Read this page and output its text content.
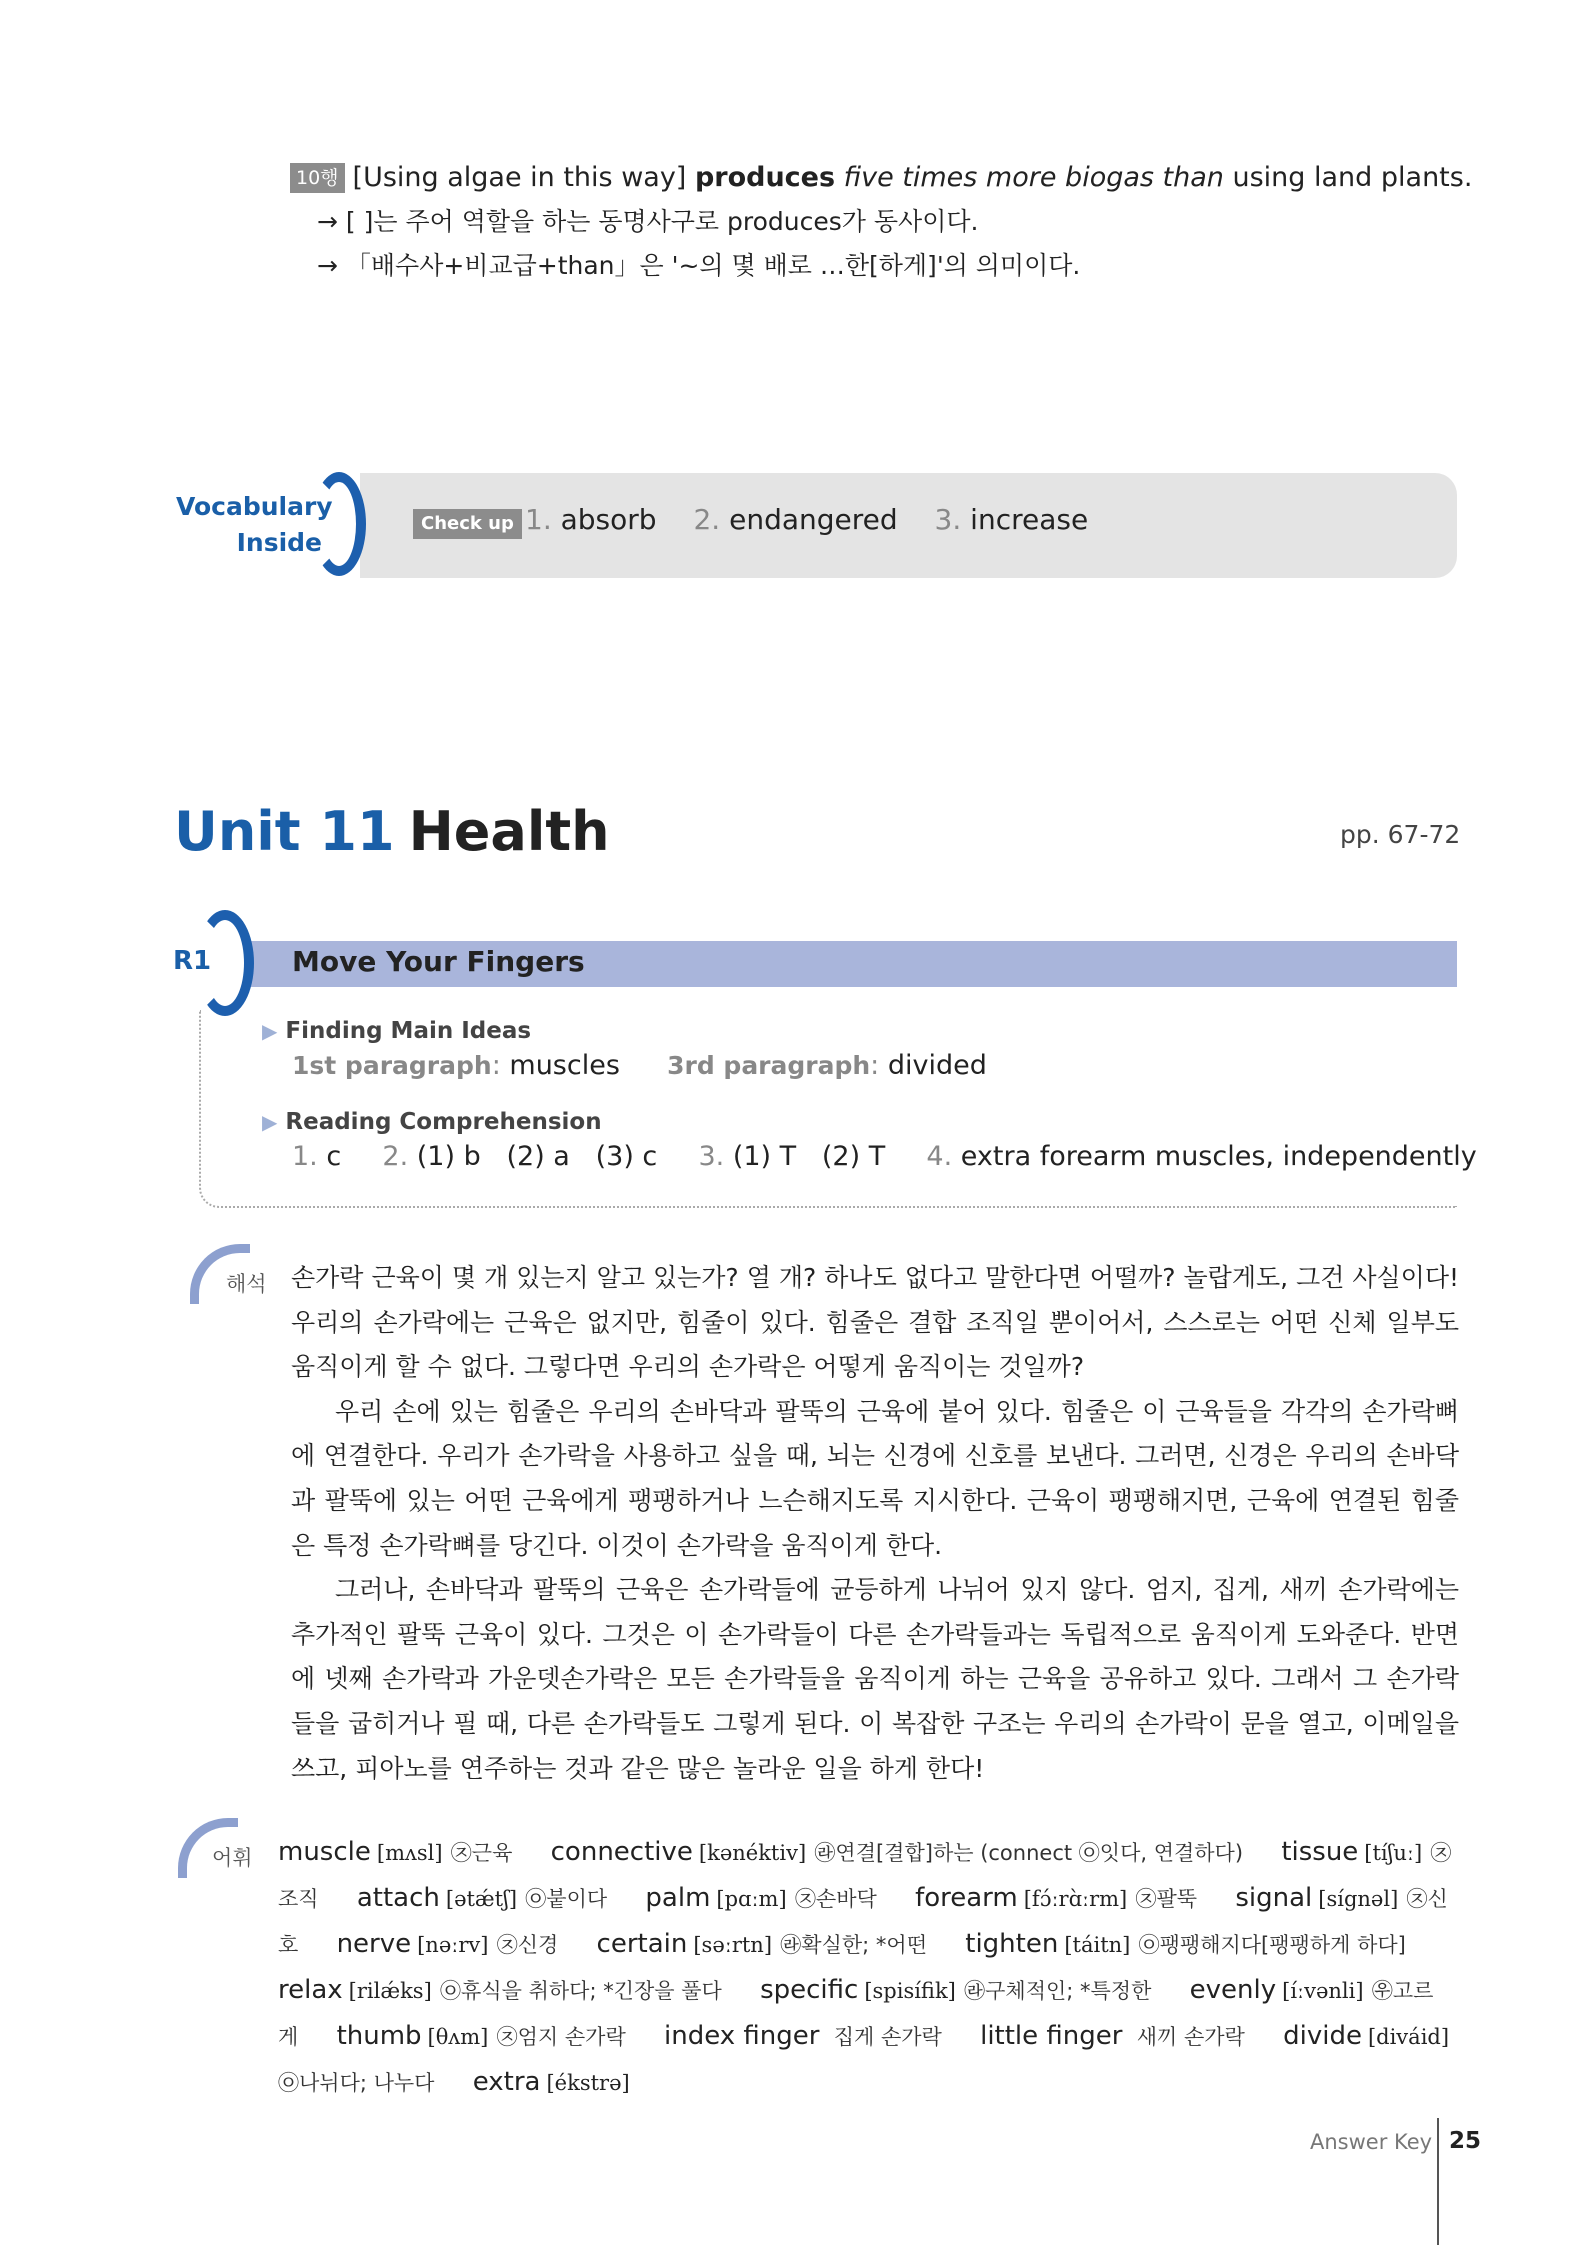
10행 [Using algae in this way] produces five times more biogas than using land plants.
→ [ ]는 주어 역할을 하는 동명사구로 produces가 동사이다.
→ 「배수사+비교급+than」은 '~의 몇 배로 …한[하게]'의 의미이다.
Vocabulary
Inside
Check up 1. absorb 2. endangered 3. increase
Unit 11 Health	pp. 67-72
R1	Move Your Fingers
▶ Finding Main Ideas
1st paragraph: muscles 3rd paragraph: divided
▶ Reading Comprehension
1. c 2. (1) b   (2) a   (3) c 3. (1) T   (2) T 4. extra forearm muscles, independently
해석 손가락 근육이 몇 개 있는지 알고 있는가? 열 개? 하나도 없다고 말한다면 어떨까? 놀랍게도, 그건 사실이다! 우리의 손가락에는 근육은 없지만, 힘줄이 있다. 힘줄은 결합 조직일 뿐이어서, 스스로는 어떤 신체 일부도 움직이게 할 수 없다. 그렇다면 우리의 손가락은 어떻게 움직이는 것일까?

우리 손에 있는 힘줄은 우리의 손바닥과 팔뚝의 근육에 붙어 있다. 힘줄은 이 근육들을 각각의 손가락뼈에 연결한다. 우리가 손가락을 사용하고 싶을 때, 뇌는 신경에 신호를 보낸다. 그러면, 신경은 우리의 손바닥과 팔뚝에 있는 어떤 근육에게 팽팽하거나 느슨해지도록 지시한다. 근육이 팽팽해지면, 근육에 연결된 힘줄은 특정 손가락뼈를 당긴다. 이것이 손가락을 움직이게 한다.

그러나, 손바닥과 팔뚝의 근육은 손가락들에 균등하게 나뉘어 있지 않다. 엄지, 집게, 새끼 손가락에는 추가적인 팔뚝 근육이 있다. 그것은 이 손가락들이 다른 손가락들과는 독립적으로 움직이게 도와준다. 반면에 넷째 손가락과 가운뎃손가락은 모든 손가락들을 움직이게 하는 근육을 공유하고 있다. 그래서 그 손가락들을 굽히거나 필 때, 다른 손가락들도 그렇게 된다. 이 복잡한 구조는 우리의 손가락이 문을 열고, 이메일을 쓰고, 피아노를 연주하는 것과 같은 많은 놀라운 일을 하게 한다!

어휘 muscle [mʌsl] ㉨근육 connective [kənéktiv] ㉱연결[결합]하는 (connect ㉧잇다, 연결하다) tissue [tíʃuː] ㉨조직 attach [ətǽtʃ] ㉧붙이다 palm [pɑːm] ㉨손바닥 forearm [fɔ́ːrɑ̀ːrm] ㉨팔뚝 signal [sígnəl] ㉨신호 nerve [nəːrv] ㉨신경 certain [səːrtn] ㉱확실한; *어떤 tighten [táitn] ㉧팽팽해지다[팽팽하게 하다] relax [rilǽks] ㉧휴식을 취하다; *긴장을 풀다 specific [spisífik] ㉱구체적인; *특정한 evenly [íːvənli] ㉾고르게 thumb [θʌm] ㉨엄지 손가락 index finger 집게 손가락 little finger 새끼 손가락 divide [diváid] ㉧나뉘다; 나누다 extra [ékstrə]
Answer Key 25
